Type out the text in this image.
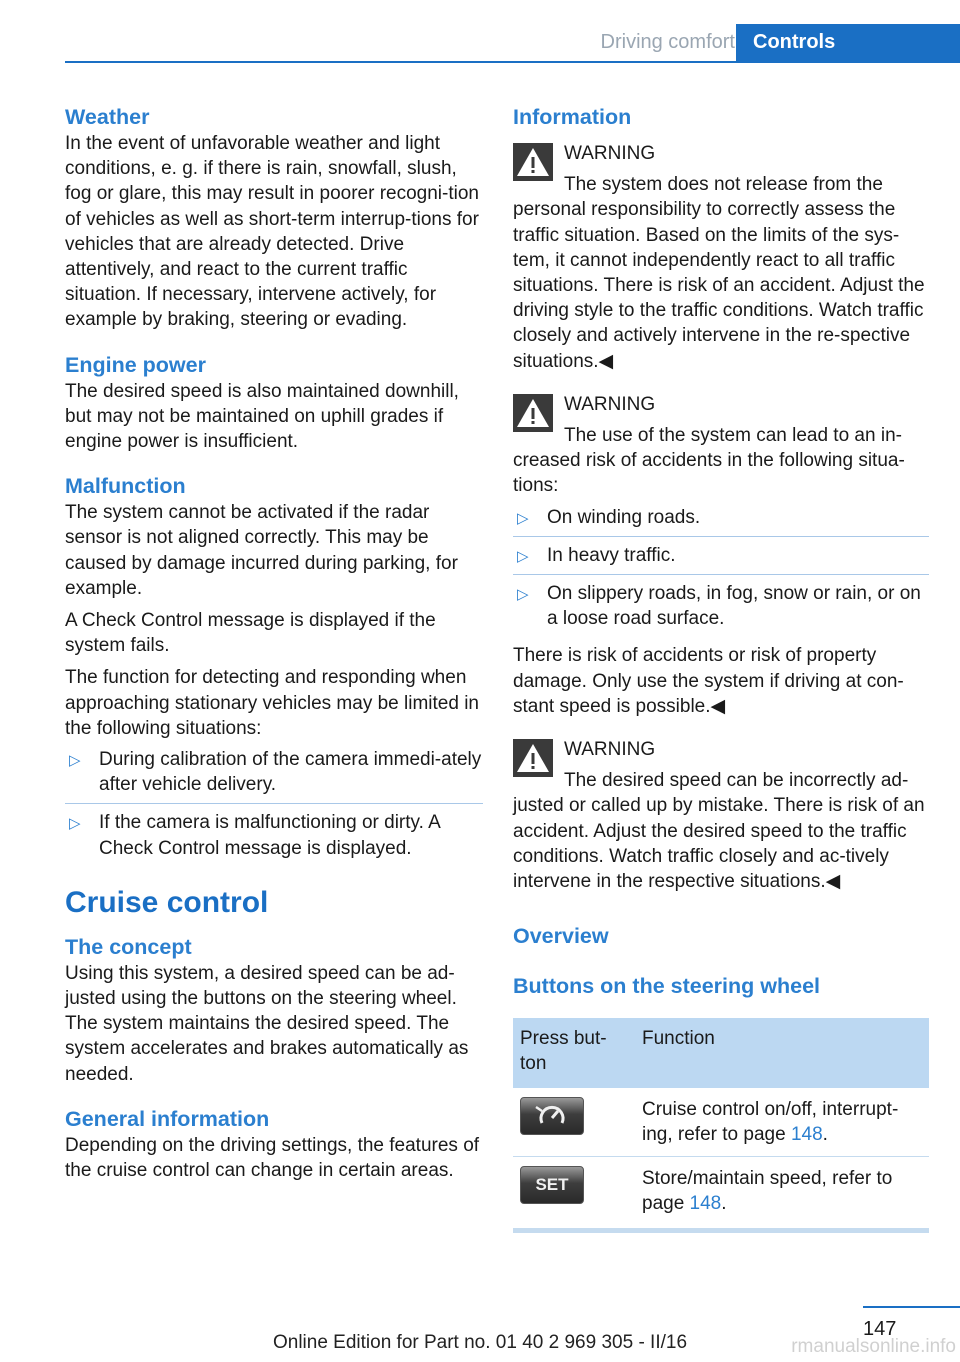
Driving comfort Controls
Weather
In the event of unfavorable weather and light conditions, e. g. if there is rain, snowfall, slush, fog or glare, this may result in poorer recogni‐tion of vehicles as well as short-term interrup‐tions for vehicles that are already detected. Drive attentively, and react to the current traffic situation. If necessary, intervene actively, for example by braking, steering or evading.
Engine power
The desired speed is also maintained downhill, but may not be maintained on uphill grades if engine power is insufficient.
Malfunction
The system cannot be activated if the radar sensor is not aligned correctly. This may be caused by damage incurred during parking, for example.
A Check Control message is displayed if the system fails.
The function for detecting and responding when approaching stationary vehicles may be limited in the following situations:
▷ During calibration of the camera immedi‐ately after vehicle delivery.
▷ If the camera is malfunctioning or dirty. A Check Control message is displayed.
Cruise control
The concept
Using this system, a desired speed can be ad‐justed using the buttons on the steering wheel. The system maintains the desired speed. The system accelerates and brakes automatically as needed.
General information
Depending on the driving settings, the features of the cruise control can change in certain areas.
Information
WARNING
The system does not release from the personal responsibility to correctly assess the traffic situation. Based on the limits of the sys‐tem, it cannot independently react to all traffic situations. There is risk of an accident. Adjust the driving style to the traffic conditions. Watch traffic closely and actively intervene in the re‐spective situations.◀
WARNING
The use of the system can lead to an in‐creased risk of accidents in the following situa‐tions:
▷ On winding roads.
▷ In heavy traffic.
▷ On slippery roads, in fog, snow or rain, or on a loose road surface.
There is risk of accidents or risk of property damage. Only use the system if driving at con‐stant speed is possible.◀
WARNING
The desired speed can be incorrectly ad‐justed or called up by mistake. There is risk of an accident. Adjust the desired speed to the traffic conditions. Watch traffic closely and ac‐tively intervene in the respective situations.◀
Overview
Buttons on the steering wheel
Press but‐ton	Function

	Cruise control on/off, interrupt‐ing, refer to page 148.

SET	Store/maintain speed, refer to page 148.
147
Online Edition for Part no. 01 40 2 969 305 - II/16	rmanualsonline.info
